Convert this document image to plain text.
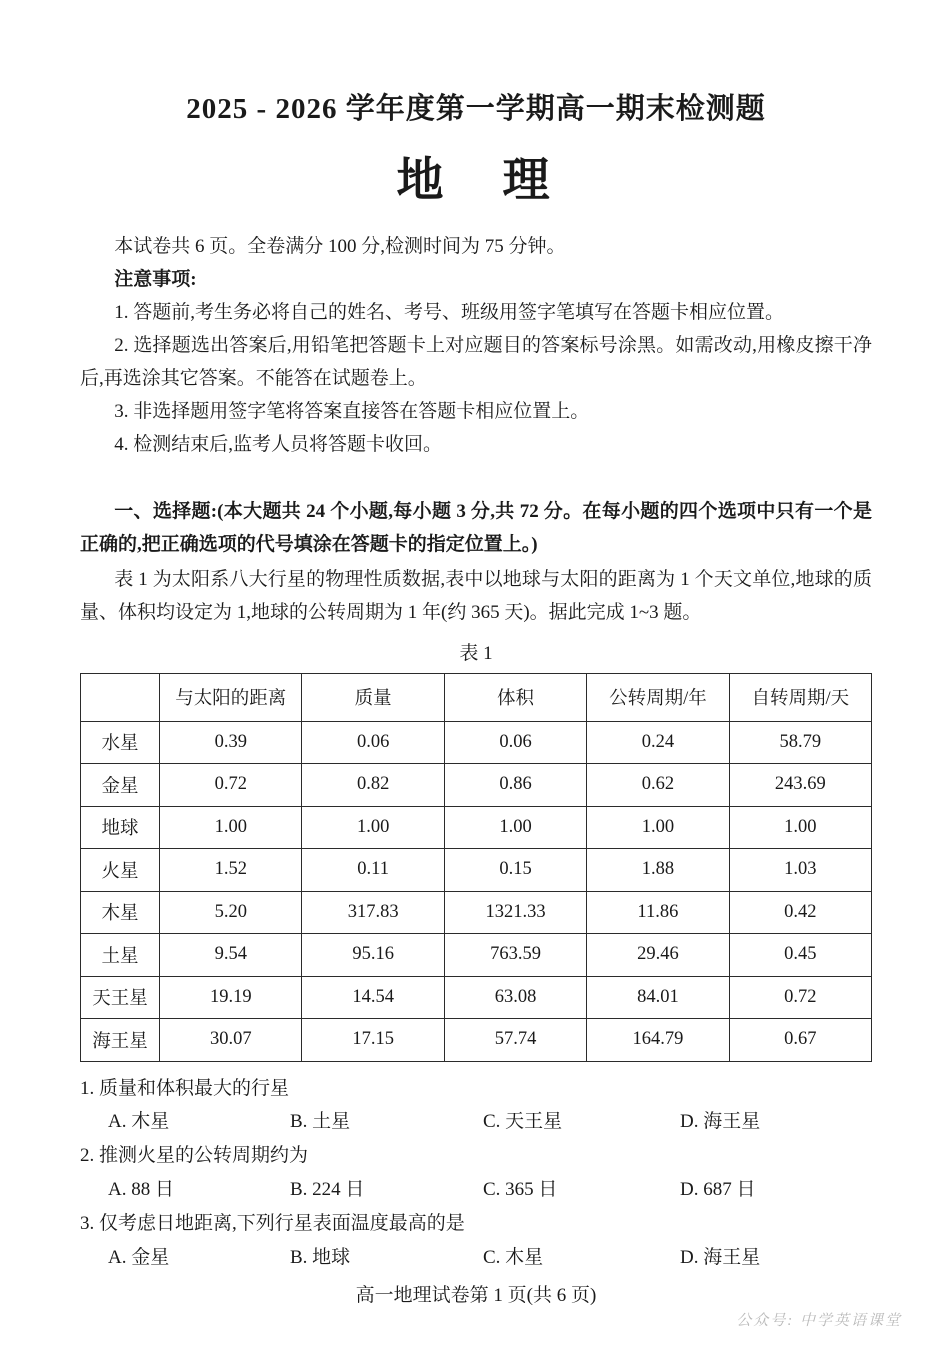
2025 - 2026 学年度第一学期高一期末检测题
地　理

本试卷共 6 页。全卷满分 100 分,检测时间为 75 分钟。

注意事项:

1. 答题前,考生务必将自己的姓名、考号、班级用签字笔填写在答题卡相应位置。

2. 选择题选出答案后,用铅笔把答题卡上对应题目的答案标号涂黑。如需改动,用橡皮擦干净后,再选涂其它答案。不能答在试题卷上。

3. 非选择题用签字笔将答案直接答在答题卡相应位置上。

4. 检测结束后,监考人员将答题卡收回。

一、选择题:(本大题共 24 个小题,每小题 3 分,共 72 分。在每小题的四个选项中只有一个是正确的,把正确选项的代号填涂在答题卡的指定位置上。)

表 1 为太阳系八大行星的物理性质数据,表中以地球与太阳的距离为 1 个天文单位,地球的质量、体积均设定为 1,地球的公转周期为 1 年(约 365 天)。据此完成 1~3 题。

表 1
	与太阳的距离	质量	体积	公转周期/年	自转周期/天
水星	0.39	0.06	0.06	0.24	58.79
金星	0.72	0.82	0.86	0.62	243.69
地球	1.00	1.00	1.00	1.00	1.00
火星	1.52	0.11	0.15	1.88	1.03
木星	5.20	317.83	1321.33	11.86	0.42
土星	9.54	95.16	763.59	29.46	0.45
天王星	19.19	14.54	63.08	84.01	0.72
海王星	30.07	17.15	57.74	164.79	0.67

1. 质量和体积最大的行星

A. 木星	B. 土星	C. 天王星	D. 海王星

2. 推测火星的公转周期约为

A. 88 日	B. 224 日	C. 365 日	D. 687 日

3. 仅考虑日地距离,下列行星表面温度最高的是

A. 金星	B. 地球	C. 木星	D. 海王星
高一地理试卷第 1 页(共 6 页)
公众号: 中学英语课堂
